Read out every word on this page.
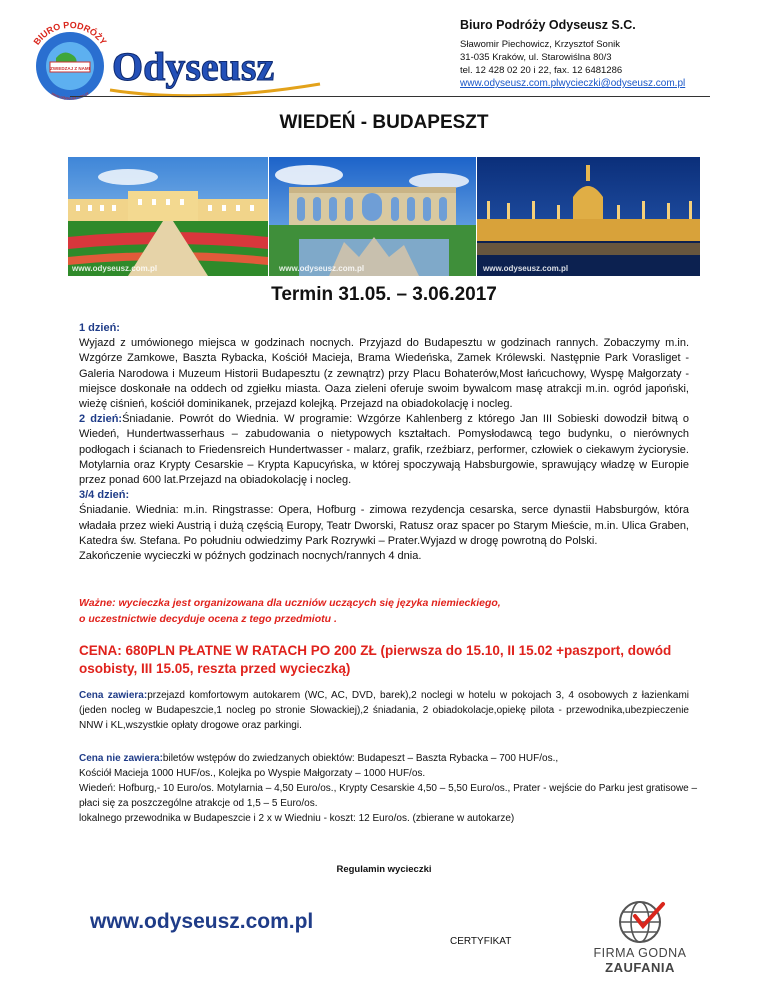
BIURO PODRÓŻY
ZWIEDZAJ Z NAMI
www.odyseusz.com.pl
Odyseusz
Biuro Podróży Odyseusz S.C.
Sławomir Piechowicz, Krzysztof Sonik
31-035 Kraków, ul. Starowiślna 80/3
tel. 12 428 02 20 i 22, fax. 12 6481286
www.odyseusz.com.plwycieczki@odyseusz.com.pl
WIEDEŃ - BUDAPESZT
www.odyseusz.com.pl	www.odyseusz.com.pl	www.odyseusz.com.pl
Termin 31.05. – 3.06.2017

1 dzień:

Wyjazd z umówionego miejsca w godzinach nocnych. Przyjazd do Budapesztu w godzinach rannych. Zobaczymy m.in. Wzgórze Zamkowe, Baszta Rybacka, Kościół Macieja, Brama Wiedeńska, Zamek Królewski. Następnie Park Vorasliget - Galeria Narodowa i Muzeum Historii Budapesztu (z zewnątrz) przy Placu Bohaterów,Most łańcuchowy, Wyspę Małgorzaty - miejsce doskonałe na oddech od zgiełku miasta. Oaza zieleni oferuje swoim bywalcom masę atrakcji m.in. ogród japoński, wieżę ciśnień, kościół dominikanek, przejazd kolejką. Przejazd na obiadokolację i nocleg.

2 dzień:Śniadanie. Powrót do Wiednia. W programie: Wzgórze Kahlenberg z którego Jan III Sobieski dowodził bitwą o Wiedeń, Hundertwasserhaus – zabudowania o nietypowych kształtach. Pomysłodawcą tego budynku, o nierównych podłogach i ścianach to Friedensreich Hundertwasser - malarz, grafik, rzeźbiarz, performer, człowiek o ciekawym życiorysie. Motylarnia oraz Krypty Cesarskie – Krypta Kapucyńska, w której spoczywają Habsburgowie, sprawujący władzę w Europie przez ponad 600 lat.Przejazd na obiadokolację i nocleg.

3/4 dzień:

Śniadanie. Wiednia: m.in. Ringstrasse: Opera, Hofburg - zimowa rezydencja cesarska, serce dynastii Habsburgów, która władała przez wieki Austrią i dużą częścią Europy, Teatr Dworski, Ratusz oraz spacer po Starym Mieście, m.in. Ulica Graben, Katedra św. Stefana. Po południu odwiedzimy Park Rozrywki – Prater.Wyjazd w drogę powrotną do Polski.

Zakończenie wycieczki w późnych godzinach nocnych/rannych 4 dnia.

Ważne: wycieczka jest organizowana dla uczniów uczących się języka niemieckiego,
o uczestnictwie decyduje ocena z tego przedmiotu .
CENA: 680PLN PŁATNE W RATACH PO 200 ZŁ (pierwsza do 15.10, II 15.02 +paszport, dowód osobisty, III 15.05, reszta przed wycieczką)
Cena zawiera:przejazd komfortowym autokarem (WC, AC, DVD, barek),2 noclegi w hotelu w pokojach 3, 4 osobowych z łazienkami (jeden nocleg w Budapeszcie,1 nocleg po stronie Słowackiej),2 śniadania, 2 obiadokolacje,opiekę pilota - przewodnika,ubezpieczenie NNW i KL,wszystkie opłaty drogowe oraz parkingi.
Cena nie zawiera:biletów wstępów do zwiedzanych obiektów: Budapeszt – Baszta Rybacka – 700 HUF/os.,
Kościół Macieja 1000 HUF/os., Kolejka po Wyspie Małgorzaty – 1000 HUF/os.
Wiedeń: Hofburg,- 10 Euro/os. Motylarnia – 4,50 Euro/os., Krypty Cesarskie 4,50 – 5,50 Euro/os., Prater - wejście do Parku jest gratisowe – płaci się za poszczególne atrakcje od 1,5 – 5 Euro/os.
lokalnego przewodnika w Budapeszcie i 2 x w Wiedniu - koszt: 12 Euro/os. (zbierane w autokarze)
Regulamin wycieczki
www.odyseusz.com.pl
CERTYFIKAT
FIRMA GODNA
ZAUFANIA
